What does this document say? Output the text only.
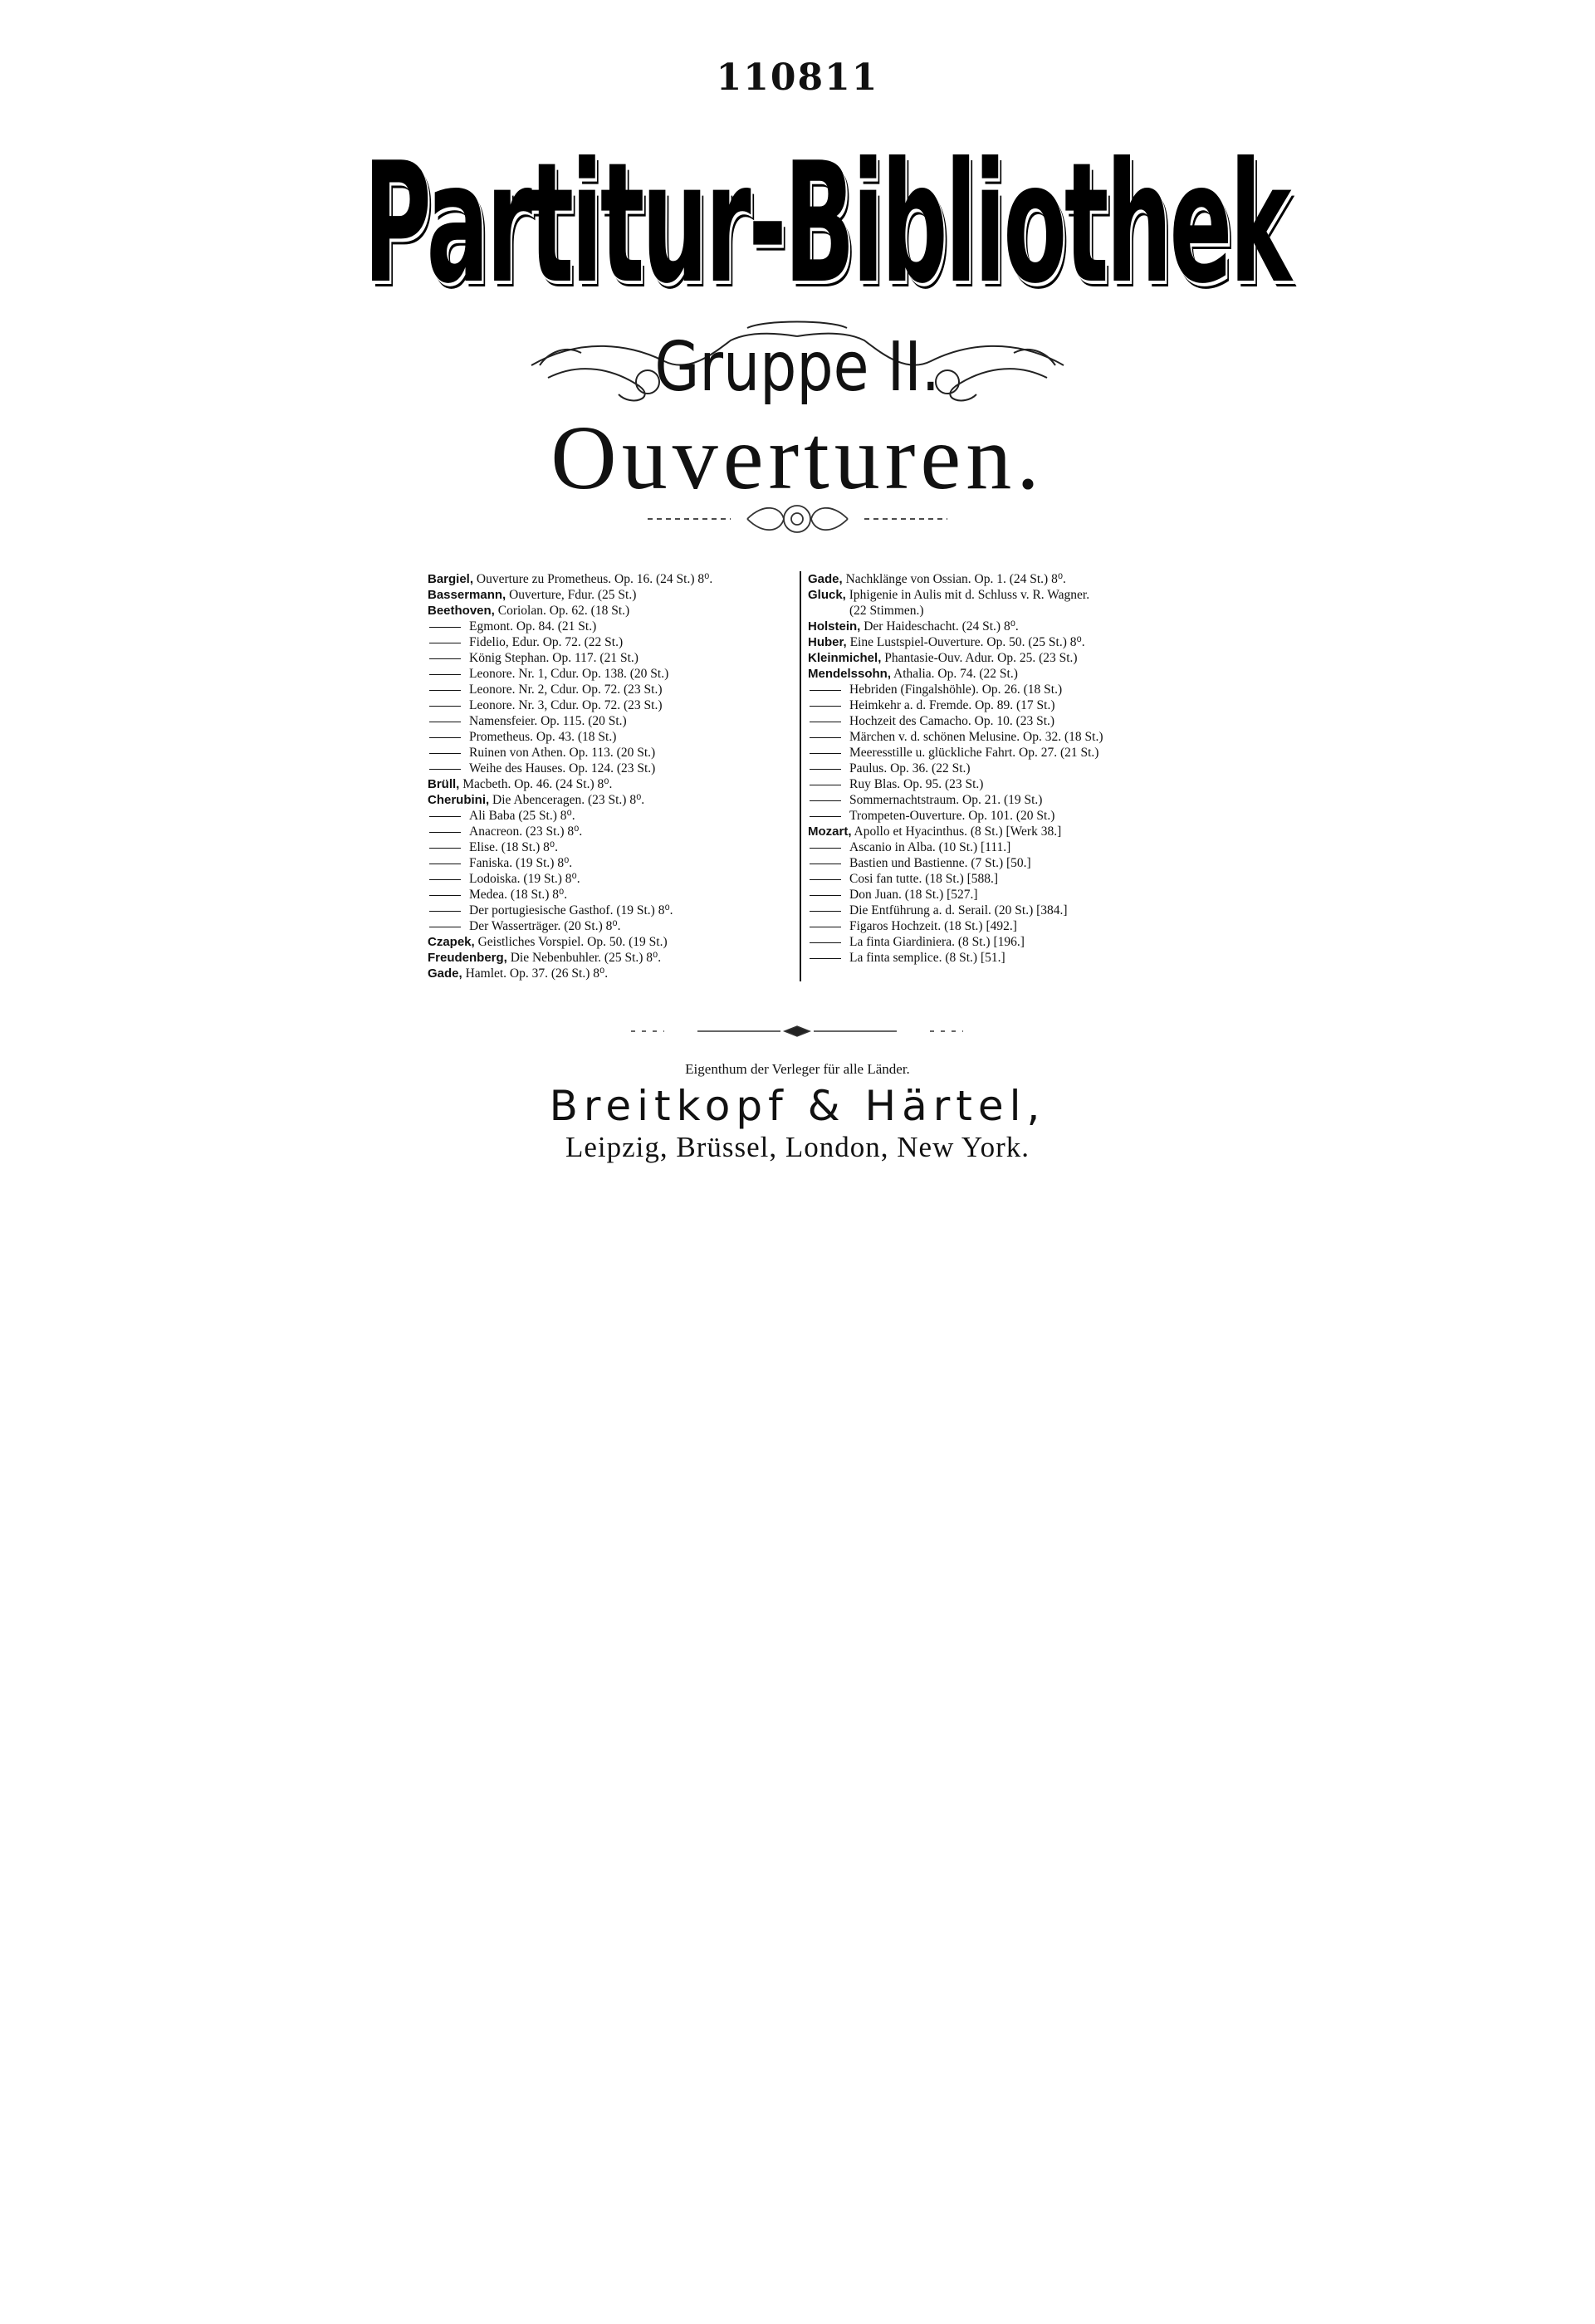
110811
Partitur-Bibliothek
Gruppe II.
Ouverturen.
Bargiel, Ouverture zu Prometheus. Op. 16. (24 St.) 8⁰.
Bassermann, Ouverture, Fdur. (25 St.)
Beethoven, Coriolan. Op. 62. (18 St.)
Egmont. Op. 84. (21 St.)
Fidelio, Edur. Op. 72. (22 St.)
König Stephan. Op. 117. (21 St.)
Leonore. Nr. 1, Cdur. Op. 138. (20 St.)
Leonore. Nr. 2, Cdur. Op. 72. (23 St.)
Leonore. Nr. 3, Cdur. Op. 72. (23 St.)
Namensfeier. Op. 115. (20 St.)
Prometheus. Op. 43. (18 St.)
Ruinen von Athen. Op. 113. (20 St.)
Weihe des Hauses. Op. 124. (23 St.)
Brüll, Macbeth. Op. 46. (24 St.) 8⁰.
Cherubini, Die Abenceragen. (23 St.) 8⁰.
Ali Baba (25 St.) 8⁰.
Anacreon. (23 St.) 8⁰.
Elise. (18 St.) 8⁰.
Faniska. (19 St.) 8⁰.
Lodoiska. (19 St.) 8⁰.
Medea. (18 St.) 8⁰.
Der portugiesische Gasthof. (19 St.) 8⁰.
Der Wasserträger. (20 St.) 8⁰.
Czapek, Geistliches Vorspiel. Op. 50. (19 St.)
Freudenberg, Die Nebenbuhler. (25 St.) 8⁰.
Gade, Hamlet. Op. 37. (26 St.) 8⁰.
Gade, Nachklänge von Ossian. Op. 1. (24 St.) 8⁰.
Gluck, Iphigenie in Aulis mit d. Schluss v. R. Wagner.
(22 Stimmen.)
Holstein, Der Haideschacht. (24 St.) 8⁰.
Huber, Eine Lustspiel-Ouverture. Op. 50. (25 St.) 8⁰.
Kleinmichel, Phantasie-Ouv. Adur. Op. 25. (23 St.)
Mendelssohn, Athalia. Op. 74. (22 St.)
Hebriden (Fingalshöhle). Op. 26. (18 St.)
Heimkehr a. d. Fremde. Op. 89. (17 St.)
Hochzeit des Camacho. Op. 10. (23 St.)
Märchen v. d. schönen Melusine. Op. 32. (18 St.)
Meeresstille u. glückliche Fahrt. Op. 27. (21 St.)
Paulus. Op. 36. (22 St.)
Ruy Blas. Op. 95. (23 St.)
Sommernachtstraum. Op. 21. (19 St.)
Trompeten-Ouverture. Op. 101. (20 St.)
Mozart, Apollo et Hyacinthus. (8 St.) [Werk 38.]
Ascanio in Alba. (10 St.) [111.]
Bastien und Bastienne. (7 St.) [50.]
Cosi fan tutte. (18 St.) [588.]
Don Juan. (18 St.) [527.]
Die Entführung a. d. Serail. (20 St.) [384.]
Figaros Hochzeit. (18 St.) [492.]
La finta Giardiniera. (8 St.) [196.]
La finta semplice. (8 St.) [51.]
Eigenthum der Verleger für alle Länder.
Breitkopf & Härtel,
Leipzig, Brüssel, London, New York.
